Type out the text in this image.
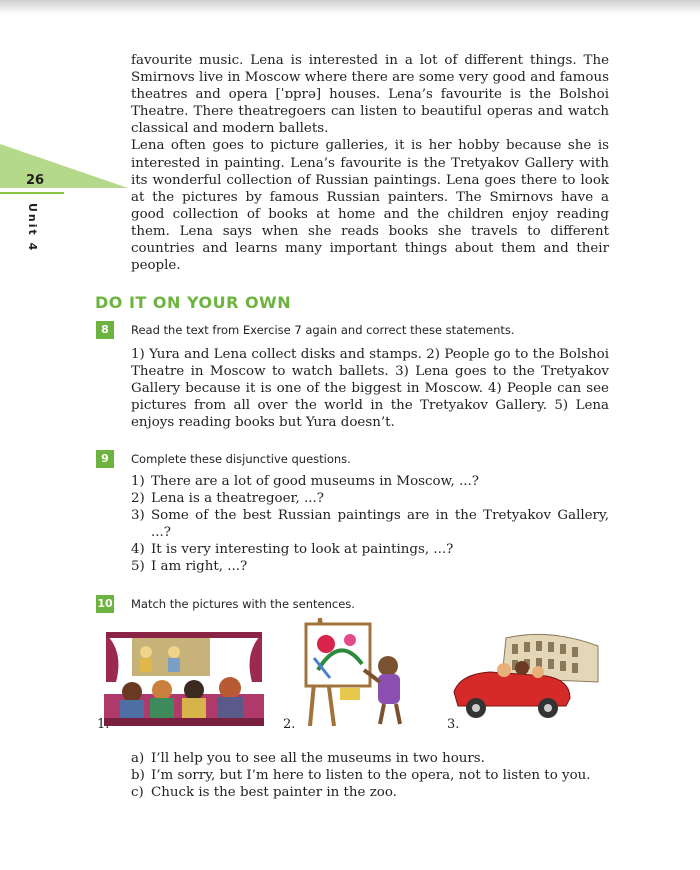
26
Unit 4

favourite music. Lena is interested in a lot of different things. The Smirnovs live in Moscow where there are some very good and famous theatres and opera [ˈɒprə] houses. Lena’s favourite is the Bolshoi Theatre. There theatregoers can listen to beautiful operas and watch classical and modern ballets.
Lena often goes to picture galleries, it is her hobby because she is interested in painting. Lena’s favourite is the Tretyakov Gallery with its wonderful collection of Russian paintings. Lena goes there to look at the pictures by famous Russian painters. The Smirnovs have a good collection of books at home and the children enjoy reading them. Lena says when she reads books she travels to different countries and learns many important things about them and their people.

DO IT ON YOUR OWN
8	Read the text from Exercise 7 again and correct these statements.

1) Yura and Lena collect disks and stamps. 2) People go to the Bolshoi Theatre in Moscow to watch ballets. 3) Lena goes to the Tretyakov Gallery because it is one of the biggest in Moscow. 4) People can see pictures from all over the world in the Tretyakov Gallery. 5) Lena enjoys reading books but Yura doesn’t.

9	Complete these disjunctive questions.
1) There are a lot of good museums in Moscow, ...?
2) Lena is a theatregoer, ...?
3) Some of the best Russian paintings are in the Tretyakov Gallery, ...?
4) It is very interesting to look at paintings, ...?
5) I am right, ...?
10 Match the pictures with the sentences.
1.	2.	3.
a) I’ll help you to see all the museums in two hours.
b) I’m sorry, but I’m here to listen to the opera, not to listen to you.
c) Chuck is the best painter in the zoo.
